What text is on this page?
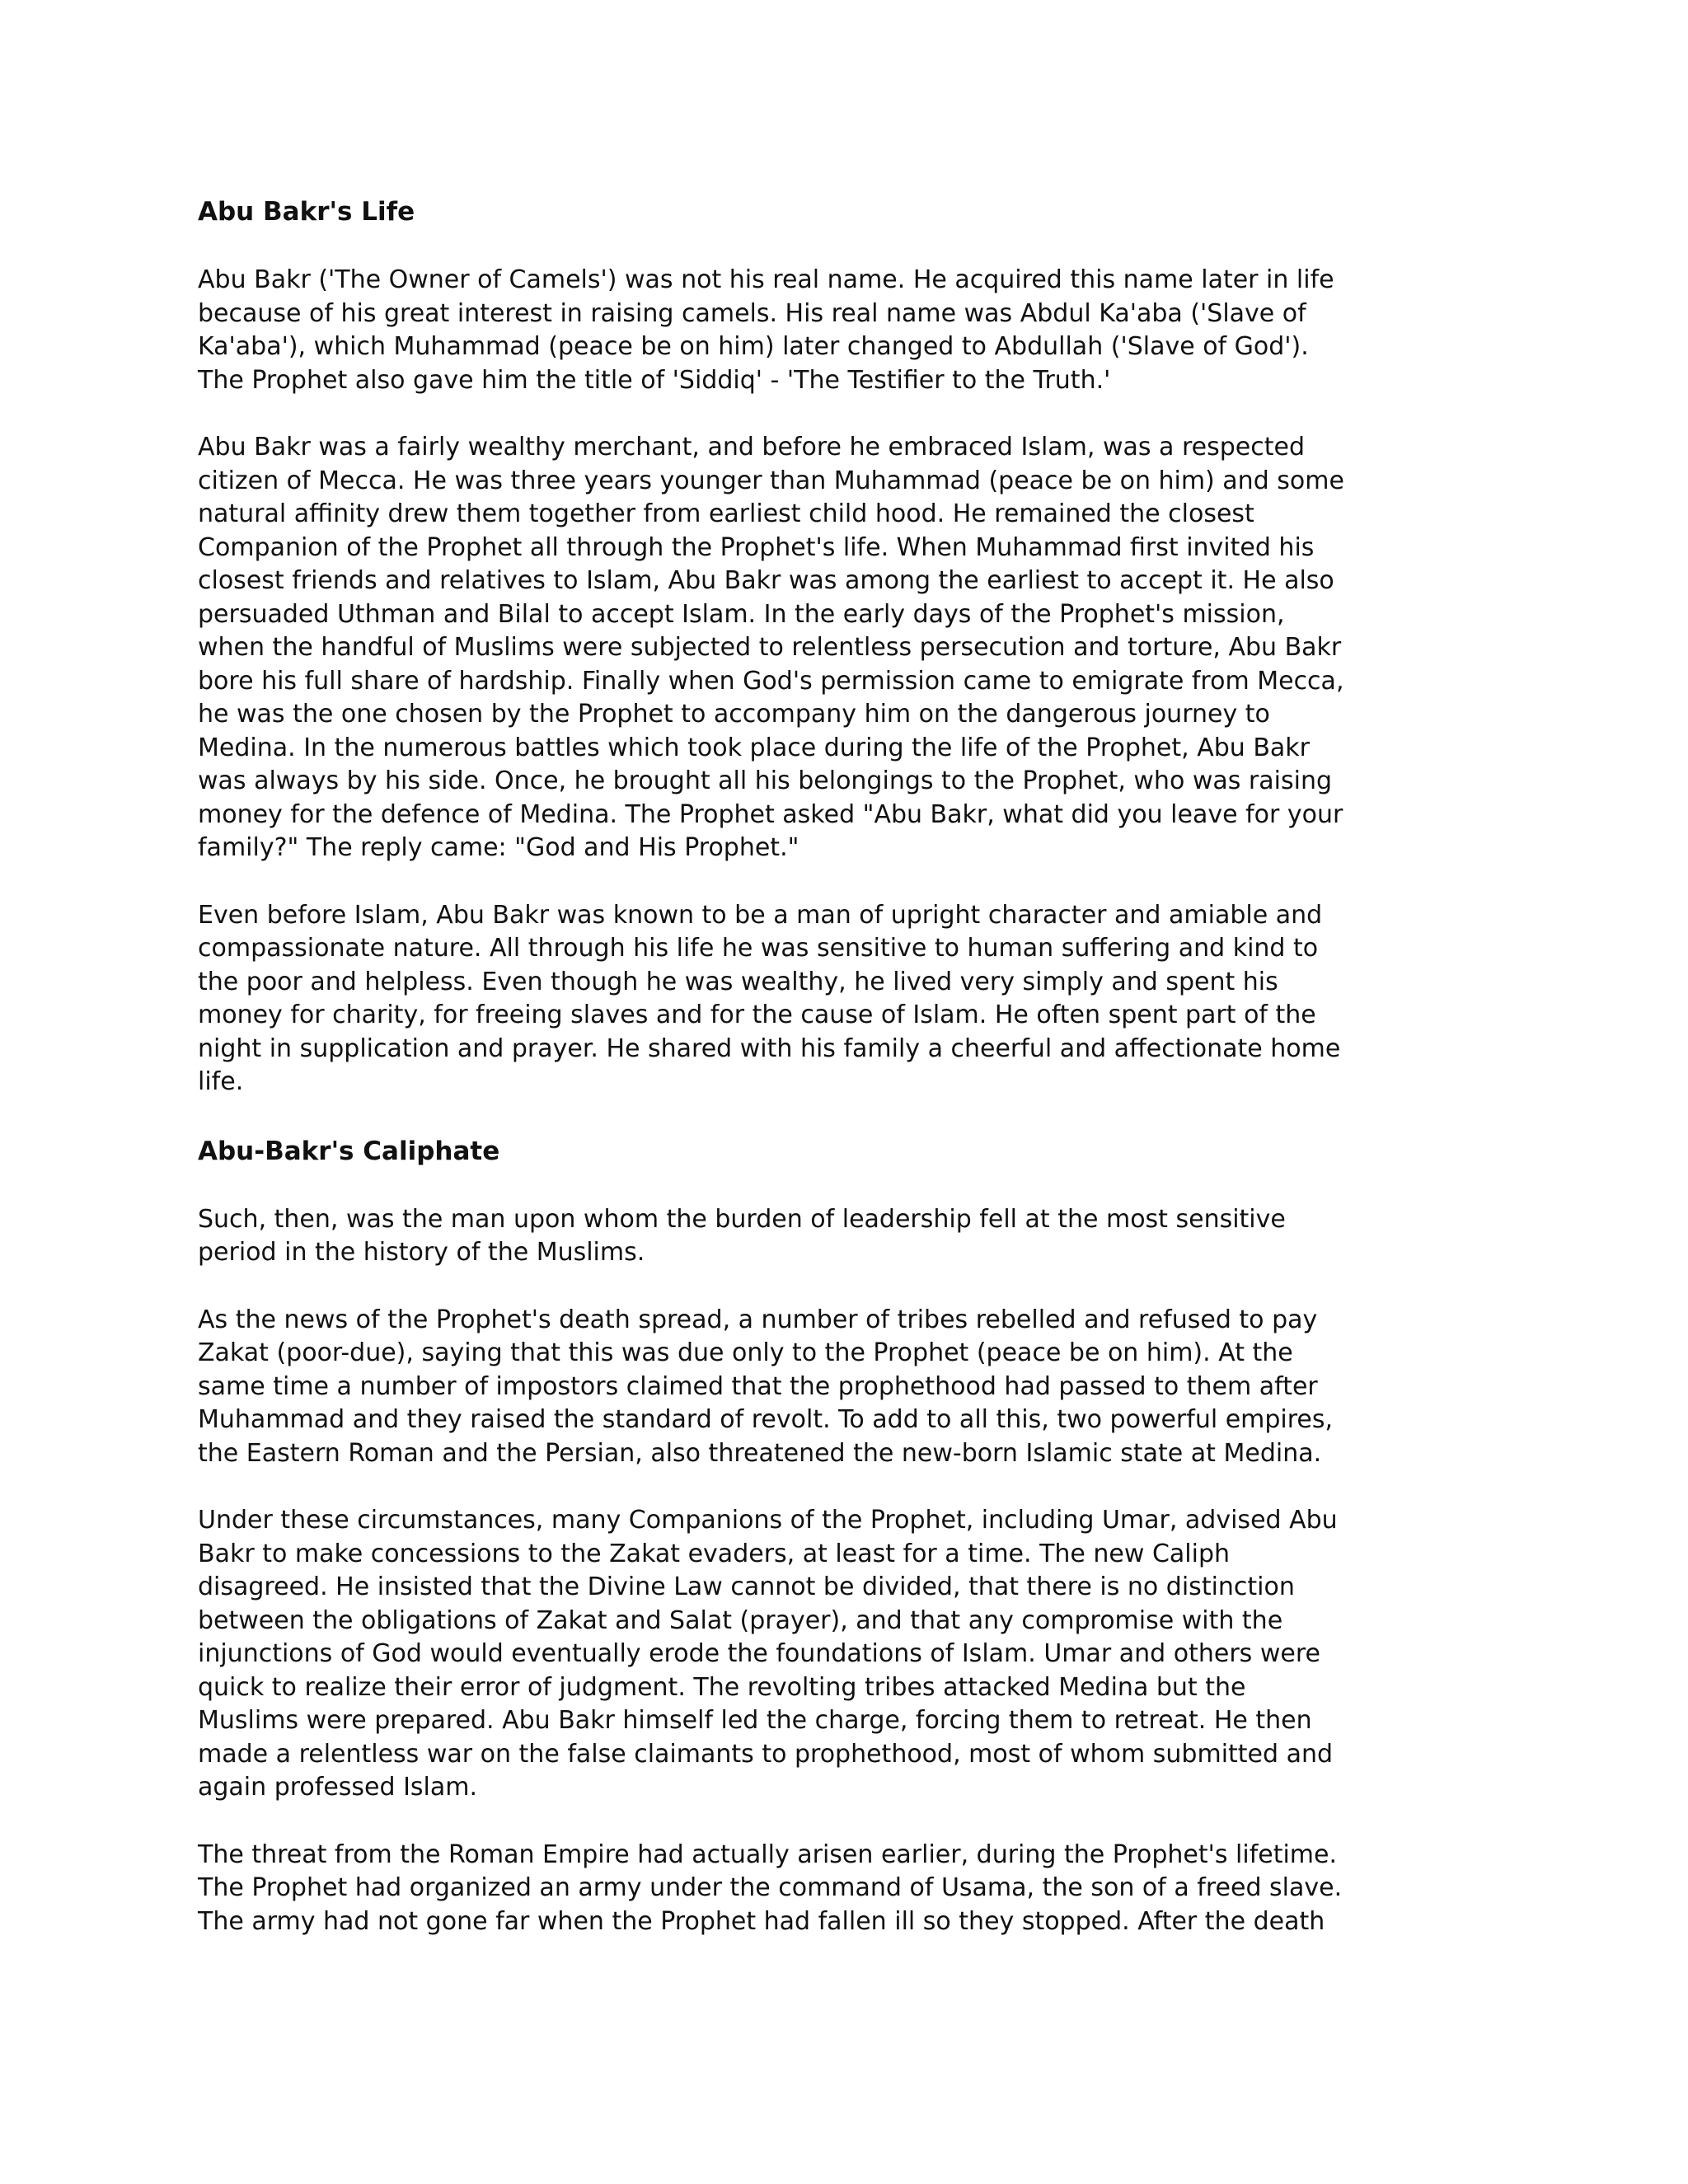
Abu Bakr's Life
Abu Bakr ('The Owner of Camels') was not his real name. He acquired this name later in life
because of his great interest in raising camels. His real name was Abdul Ka'aba ('Slave of
Ka'aba'), which Muhammad (peace be on him) later changed to Abdullah ('Slave of God').
The Prophet also gave him the title of 'Siddiq' - 'The Testifier to the Truth.'
Abu Bakr was a fairly wealthy merchant, and before he embraced Islam, was a respected
citizen of Mecca. He was three years younger than Muhammad (peace be on him) and some
natural affinity drew them together from earliest child hood. He remained the closest
Companion of the Prophet all through the Prophet's life. When Muhammad first invited his
closest friends and relatives to Islam, Abu Bakr was among the earliest to accept it. He also
persuaded Uthman and Bilal to accept Islam. In the early days of the Prophet's mission,
when the handful of Muslims were subjected to relentless persecution and torture, Abu Bakr
bore his full share of hardship. Finally when God's permission came to emigrate from Mecca,
he was the one chosen by the Prophet to accompany him on the dangerous journey to
Medina. In the numerous battles which took place during the life of the Prophet, Abu Bakr
was always by his side. Once, he brought all his belongings to the Prophet, who was raising
money for the defence of Medina. The Prophet asked "Abu Bakr, what did you leave for your
family?" The reply came: "God and His Prophet."
Even before Islam, Abu Bakr was known to be a man of upright character and amiable and
compassionate nature. All through his life he was sensitive to human suffering and kind to
the poor and helpless. Even though he was wealthy, he lived very simply and spent his
money for charity, for freeing slaves and for the cause of Islam. He often spent part of the
night in supplication and prayer. He shared with his family a cheerful and affectionate home
life.
Abu-Bakr's Caliphate
Such, then, was the man upon whom the burden of leadership fell at the most sensitive
period in the history of the Muslims.
As the news of the Prophet's death spread, a number of tribes rebelled and refused to pay
Zakat (poor-due), saying that this was due only to the Prophet (peace be on him). At the
same time a number of impostors claimed that the prophethood had passed to them after
Muhammad and they raised the standard of revolt. To add to all this, two powerful empires,
the Eastern Roman and the Persian, also threatened the new-born Islamic state at Medina.
Under these circumstances, many Companions of the Prophet, including Umar, advised Abu
Bakr to make concessions to the Zakat evaders, at least for a time. The new Caliph
disagreed. He insisted that the Divine Law cannot be divided, that there is no distinction
between the obligations of Zakat and Salat (prayer), and that any compromise with the
injunctions of God would eventually erode the foundations of Islam. Umar and others were
quick to realize their error of judgment. The revolting tribes attacked Medina but the
Muslims were prepared. Abu Bakr himself led the charge, forcing them to retreat. He then
made a relentless war on the false claimants to prophethood, most of whom submitted and
again professed Islam.
The threat from the Roman Empire had actually arisen earlier, during the Prophet's lifetime.
The Prophet had organized an army under the command of Usama, the son of a freed slave.
The army had not gone far when the Prophet had fallen ill so they stopped. After the death
